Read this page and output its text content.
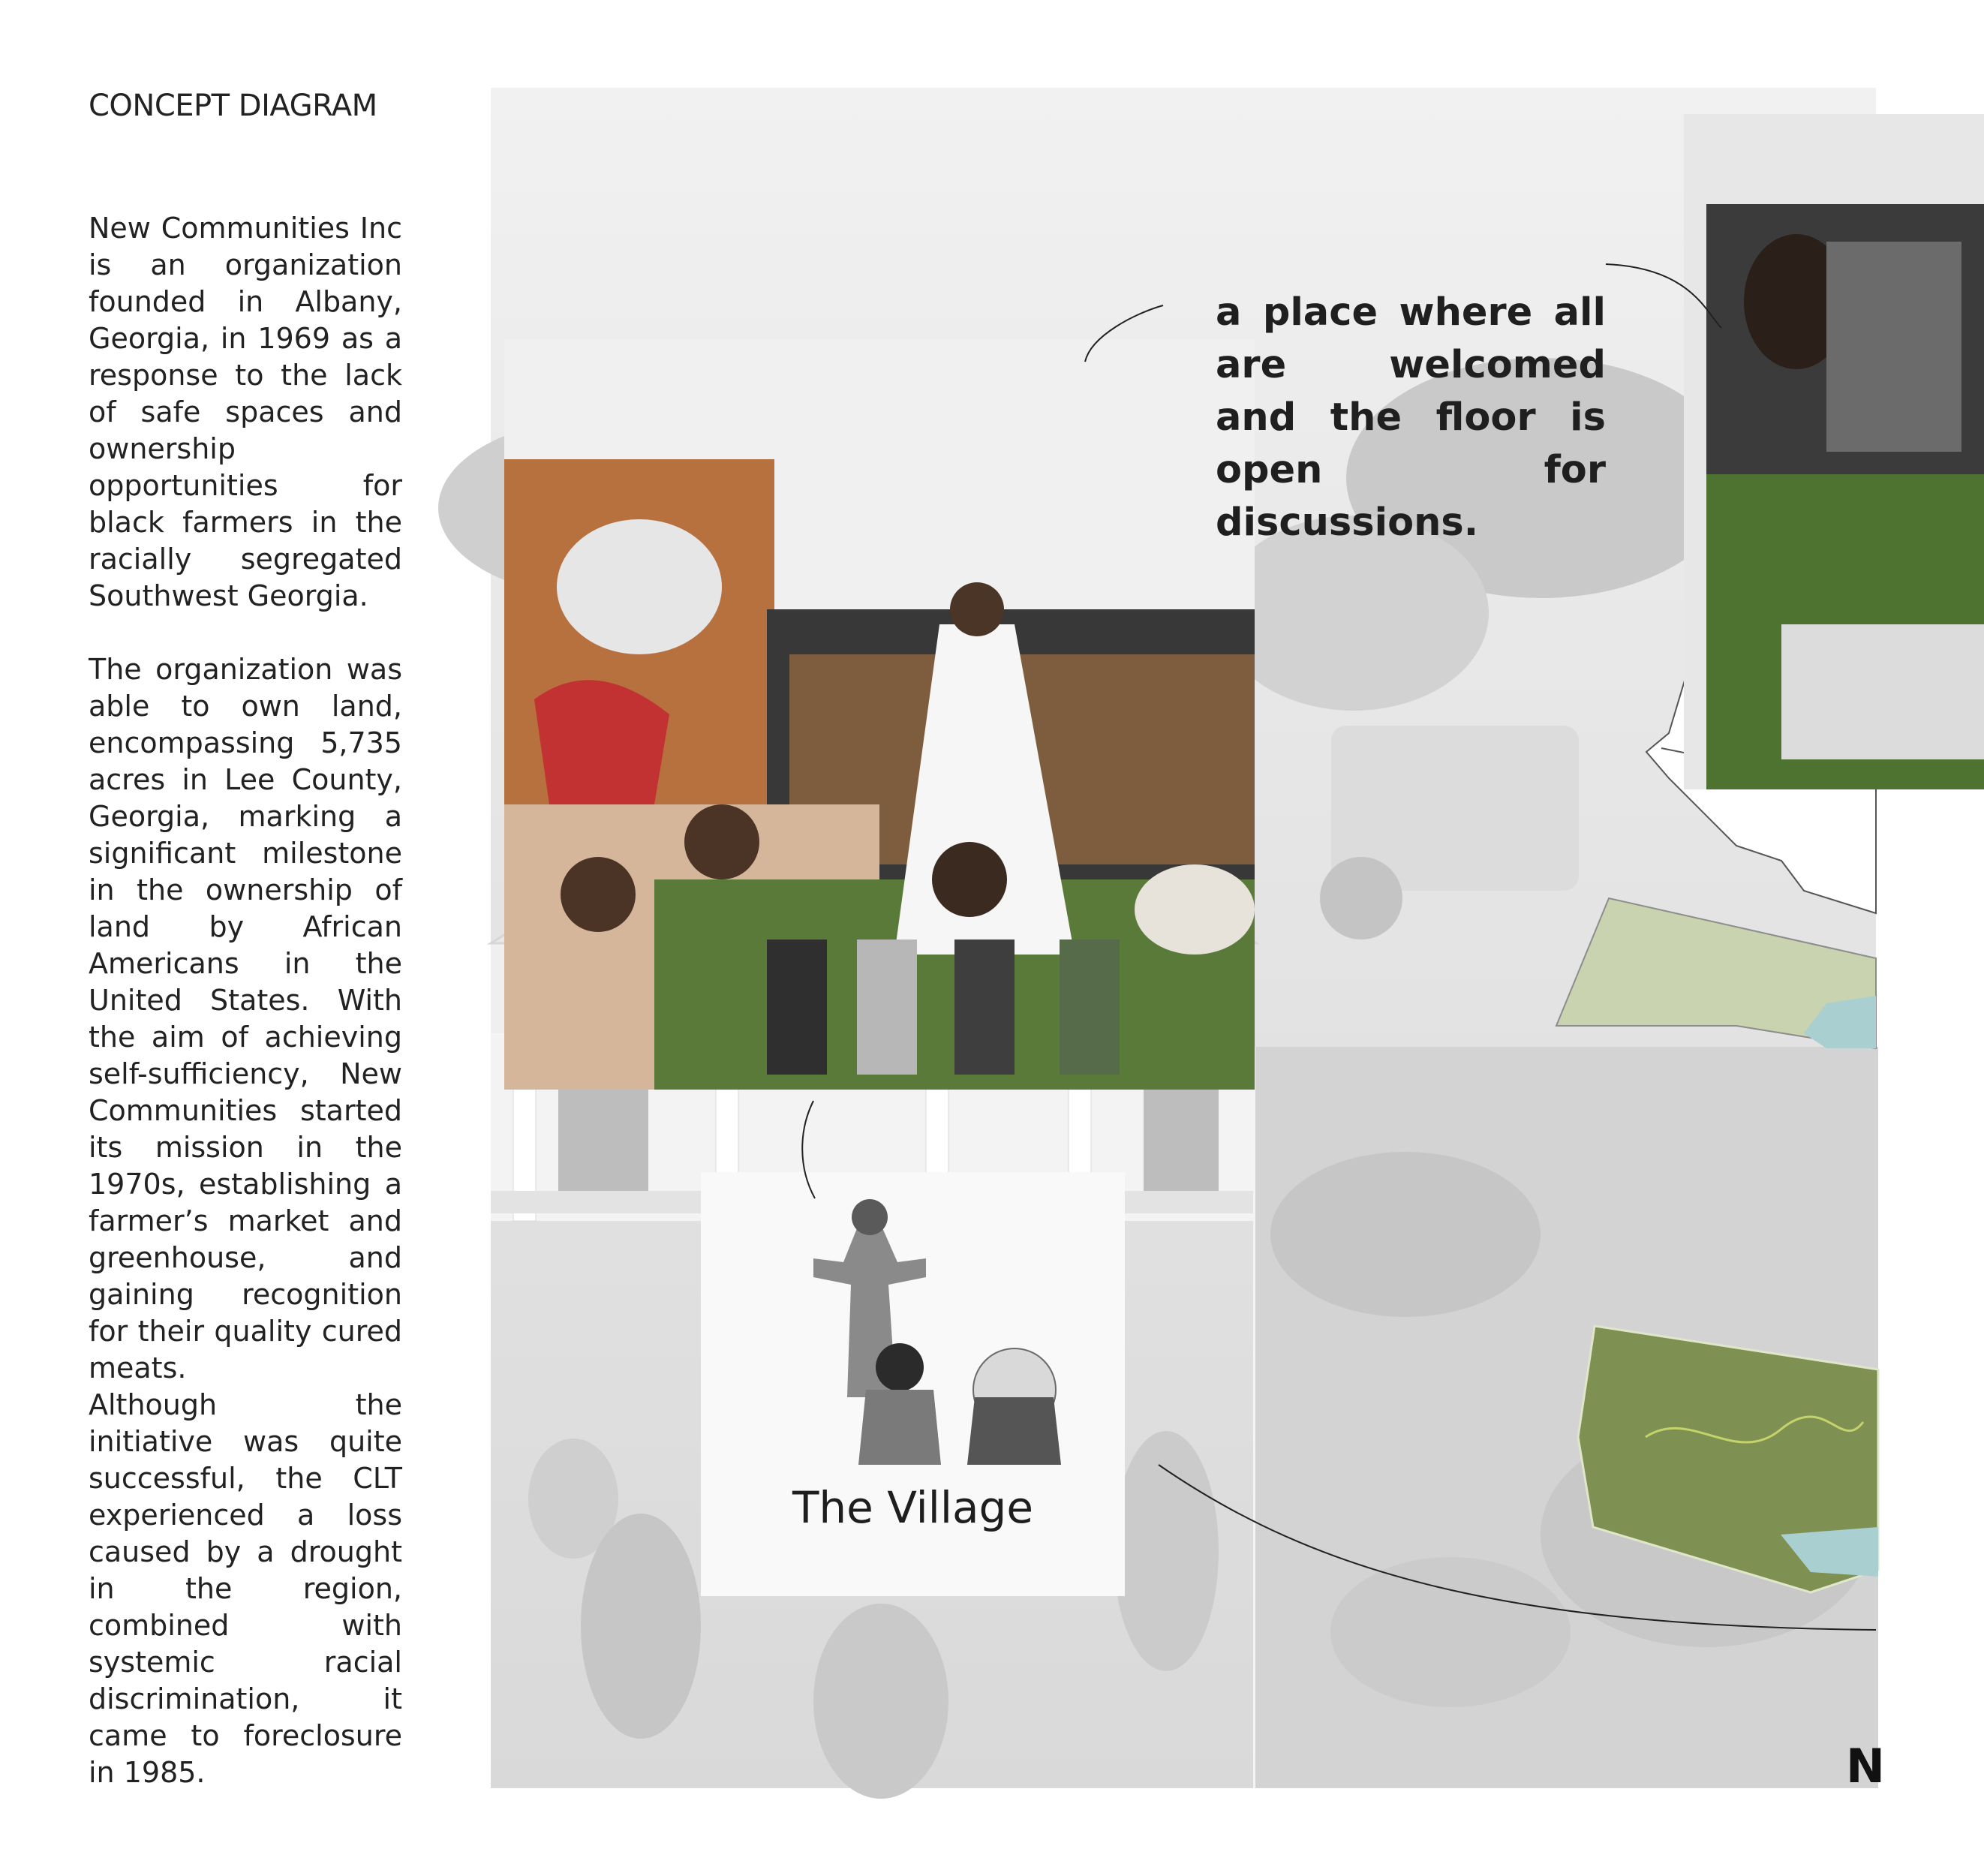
CONCEPT DIAGRAM

New Communities Inc is an organization founded in Albany, Georgia, in 1969 as a response to the lack of safe spaces and ownership opportunities for black farmers in the racially segregated Southwest Georgia.

The organization was able to own land, encompassing 5,735 acres in Lee County, Georgia, marking a significant milestone in the ownership of land by African Americans in the United States. With the aim of achieving self-sufficiency, New Communities started its mission in the 1970s, establishing a farmer’s market and greenhouse, and gaining recognition for their quality cured meats.

Although the initiative was quite successful, the CLT experienced a loss caused by a drought in the region, combined with systemic racial discrimination, it came to foreclosure in 1985.

The Village
a place where all are welcomed and the floor is open for discussions.
N
